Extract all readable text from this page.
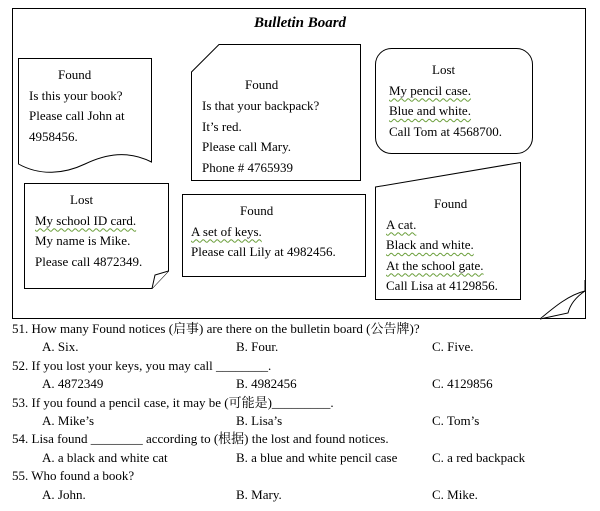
Bulletin Board
Found
Is this your book?
Please call John at
4958456.
Found
Is that your backpack?
It’s red.
Please call Mary.
Phone # 4765939
Lost
My pencil case.
Blue and white.
Call Tom at 4568700.
Lost
My school ID card.
My name is Mike.
Please call 4872349.
Found
A set of keys.
Please call Lily at 4982456.
Found
A cat.
Black and white.
At the school gate.
Call Lisa at 4129856.
51. How many Found notices (启事) are there on the bulletin board (公告牌)?
A. Six.	B. Four.	C. Five.
52. If you lost your keys, you may call ________.
A. 4872349	B. 4982456	C. 4129856
53. If you found a pencil case, it may be (可能是)_________.
A. Mike’s	B. Lisa’s	C. Tom’s
54. Lisa found ________ according to (根据) the lost and found notices.
A. a black and white cat	B. a blue and white pencil case	C. a red backpack
55. Who found a book?
A. John.	B. Mary.	C. Mike.
